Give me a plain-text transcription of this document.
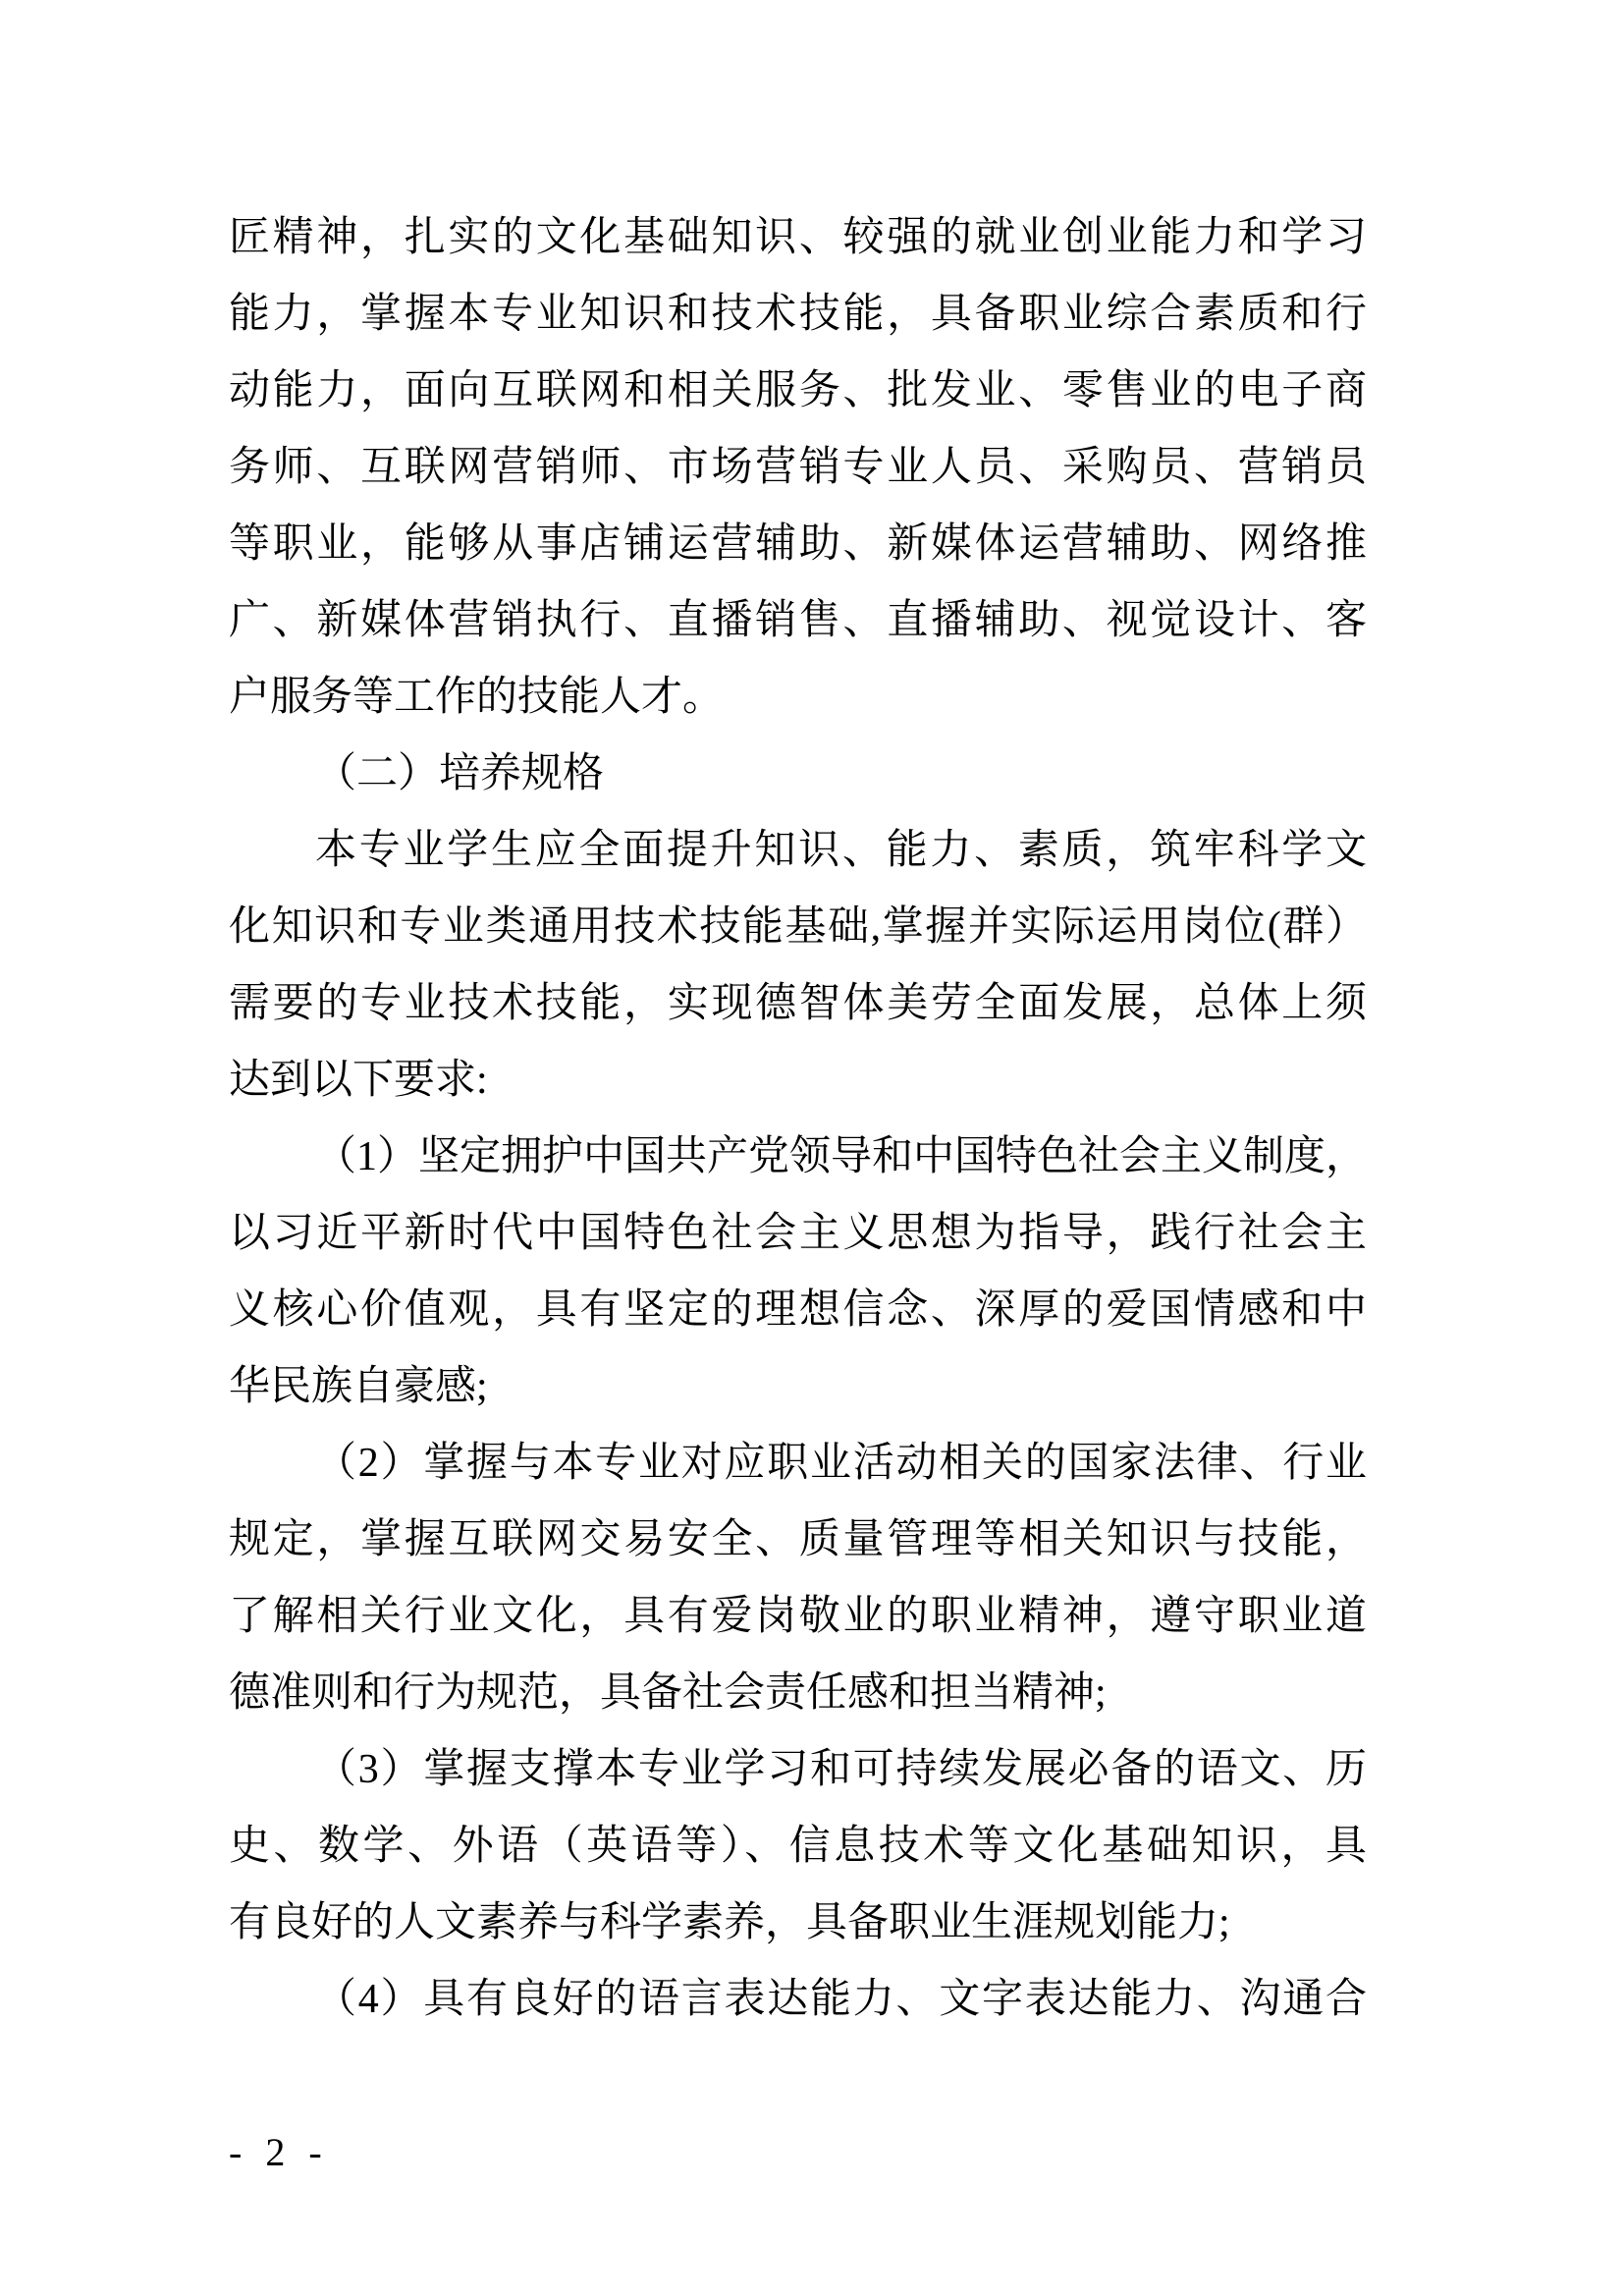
匠精神，扎实的文化基础知识、较强的就业创业能力和学习
能力，掌握本专业知识和技术技能，具备职业综合素质和行
动能力，面向互联网和相关服务、批发业、零售业的电子商
务师、互联网营销师、市场营销专业人员、采购员、营销员
等职业，能够从事店铺运营辅助、新媒体运营辅助、网络推
广、新媒体营销执行、直播销售、直播辅助、视觉设计、客
户服务等工作的技能人才。
（二）培养规格
本专业学生应全面提升知识、能力、素质，筑牢科学文
化知识和专业类通用技术技能基础,掌握并实际运用岗位(群）
需要的专业技术技能，实现德智体美劳全面发展，总体上须
达到以下要求:
（1）坚定拥护中国共产党领导和中国特色社会主义制度，
以习近平新时代中国特色社会主义思想为指导，践行社会主
义核心价值观，具有坚定的理想信念、深厚的爱国情感和中
华民族自豪感;
（2）掌握与本专业对应职业活动相关的国家法律、行业
规定，掌握互联网交易安全、质量管理等相关知识与技能，
了解相关行业文化，具有爱岗敬业的职业精神，遵守职业道
德准则和行为规范，具备社会责任感和担当精神;
（3）掌握支撑本专业学习和可持续发展必备的语文、历
史、数学、外语（英语等）、信息技术等文化基础知识，具
有良好的人文素养与科学素养，具备职业生涯规划能力;
（4）具有良好的语言表达能力、文字表达能力、沟通合
- 2 -
